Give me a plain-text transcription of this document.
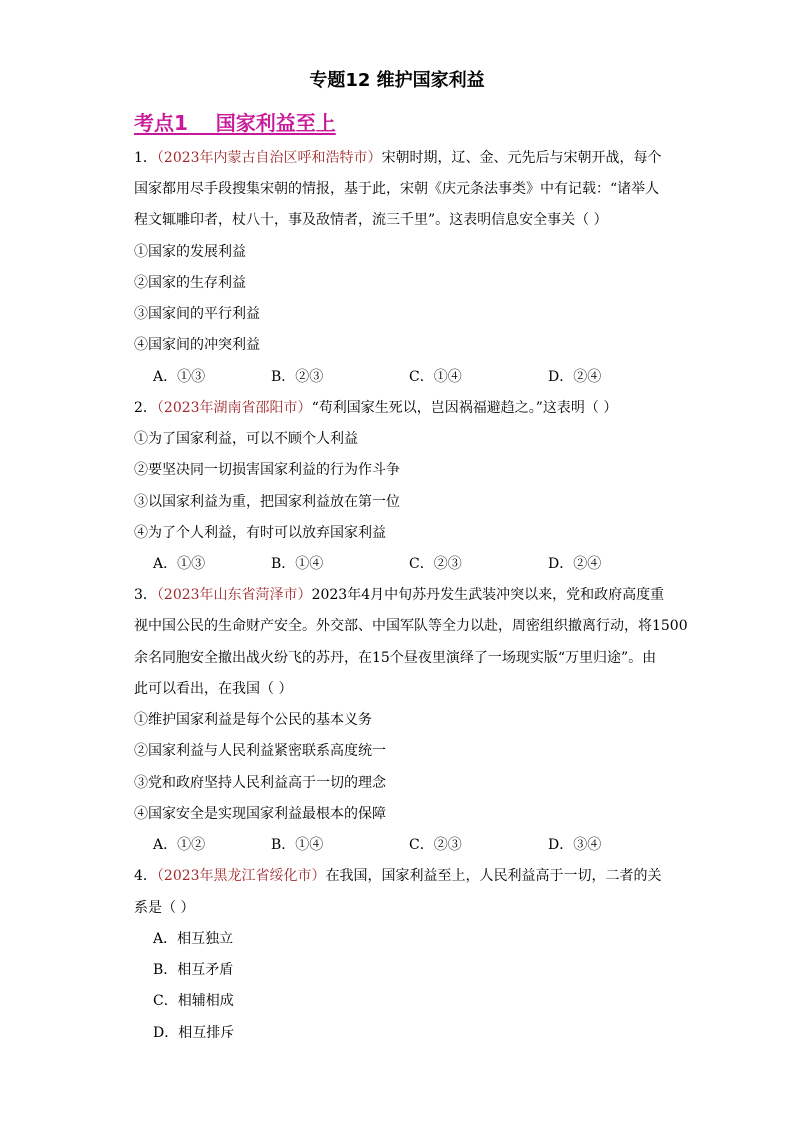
专题12 维护国家利益
考点1    国家利益至上
1．（2023年内蒙古自治区呼和浩特市）宋朝时期，辽、金、元先后与宋朝开战，每个
国家都用尽手段搜集宋朝的情报，基于此，宋朝《庆元条法事类》中有记载：“诸举人
程文辄雕印者，杖八十，事及敌情者，流三千里”。这表明信息安全事关（ ）
①国家的发展利益
②国家的生存利益
③国家间的平行利益
④国家间的冲突利益
A．①③	B．②③	C．①④	D．②④
2．（2023年湖南省邵阳市）“苟利国家生死以，岂因祸福避趋之。”这表明（ ）
①为了国家利益，可以不顾个人利益
②要坚决同一切损害国家利益的行为作斗争
③以国家利益为重，把国家利益放在第一位
④为了个人利益，有时可以放弃国家利益
A．①③	B．①④	C．②③	D．②④
3．（2023年山东省菏泽市）2023年4月中旬苏丹发生武装冲突以来，党和政府高度重
视中国公民的生命财产安全。外交部、中国军队等全力以赴，周密组织撤离行动，将1500
余名同胞安全撤出战火纷飞的苏丹，在15个昼夜里演绎了一场现实版“万里归途”。由
此可以看出，在我国（ ）
①维护国家利益是每个公民的基本义务
②国家利益与人民利益紧密联系高度统一
③党和政府坚持人民利益高于一切的理念
④国家安全是实现国家利益最根本的保障
A．①②	B．①④	C．②③	D．③④
4．（2023年黑龙江省绥化市）在我国，国家利益至上，人民利益高于一切，二者的关
系是（ ）
A．相互独立
B．相互矛盾
C．相辅相成
D．相互排斥
